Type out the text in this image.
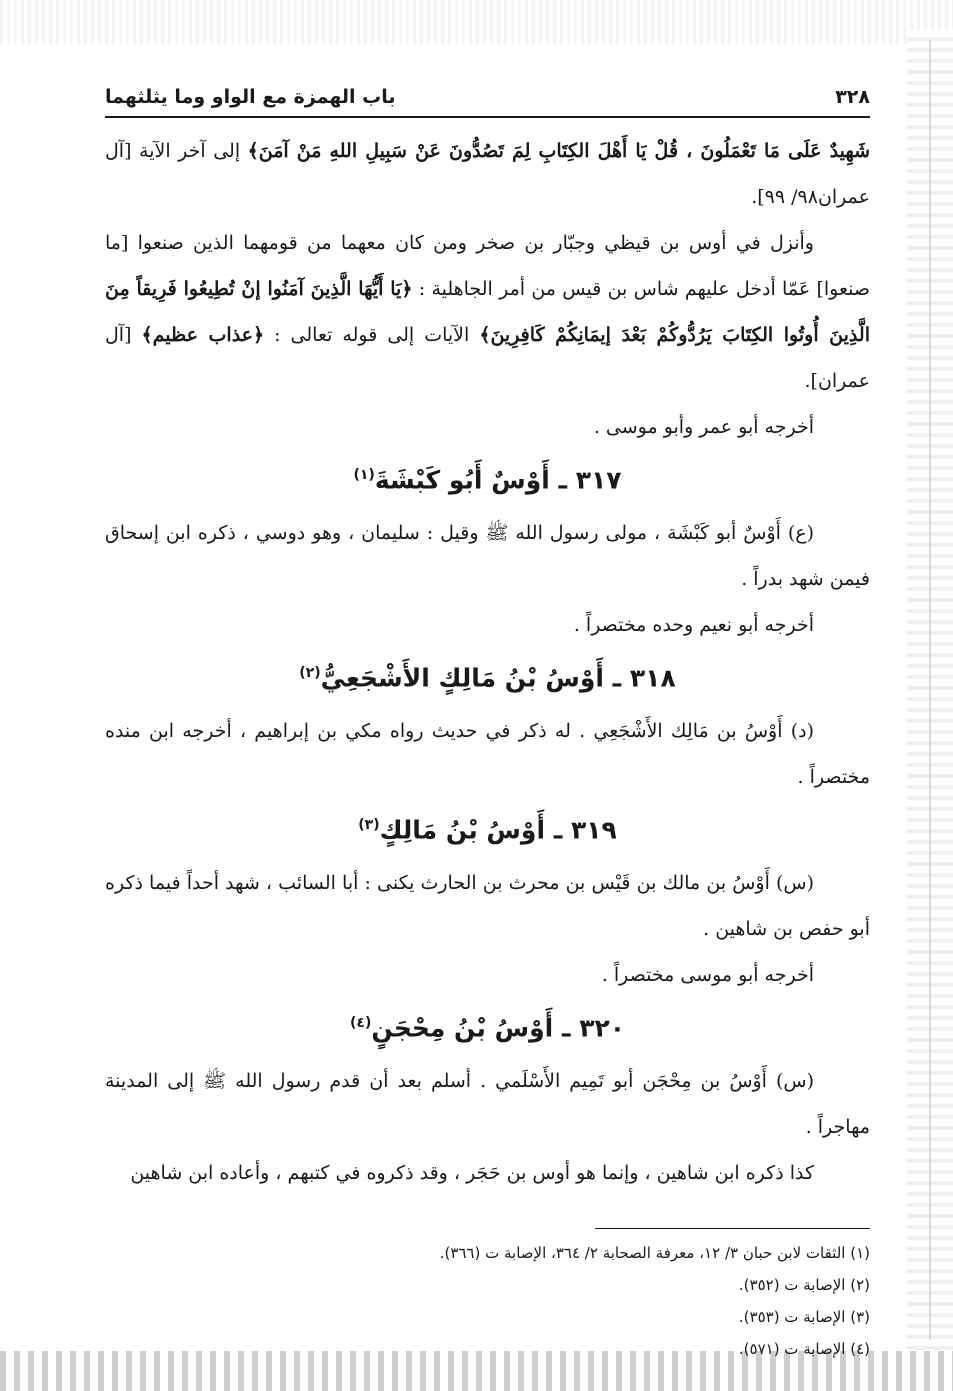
٣٢٨
باب الهمزة مع الواو وما يثلثهما

شَهِيدٌ عَلَى مَا تَعْمَلُونَ ، قُلْ يَا أَهْلَ الكِتَابِ لِمَ تَصُدُّونَ عَنْ سَبِيلِ اللهِ مَنْ آمَنَ﴾ إلى آخر الآية [آل عمران٩٨/ ٩٩].

وأنزل في أوس بن قيظي وجبّار بن صخر ومن كان معهما من قومهما الذين صنعوا [ما صنعوا] عَمّا أدخل عليهم شاس بن قيس من أمر الجاهلية : ﴿يَا أَيُّهَا الَّذِينَ آمَنُوا إنْ تُطِيعُوا فَرِيقاً مِنَ الَّذِينَ أُوتُوا الكِتَابَ يَرُدُّوكُمْ بَعْدَ إيمَانِكُمْ كَافِرِينَ﴾ الآيات إلى قوله تعالى : ﴿عذاب عظيم﴾ [آل عمران].

أخرجه أبو عمر وأبو موسى .

٣١٧ ـ أَوْسٌ أَبُو كَبْشَةَ$^{(١)}$

(ع) أَوْسٌ أبو كَبْشَة ، مولى رسول الله ﷺ وقيل : سليمان ، وهو دوسي ، ذكره ابن إسحاق فيمن شهد بدراً .

أخرجه أبو نعيم وحده مختصراً .

٣١٨ ـ أَوْسُ بْنُ مَالِكٍ الأَشْجَعِيُّ$^{(٢)}$

(د) أَوْسُ بن مَالِك الأَشْجَعِي . له ذكر في حديث رواه مكي بن إبراهيم ، أخرجه ابن منده مختصراً .

٣١٩ ـ أَوْسُ بْنُ مَالِكٍ$^{(٣)}$

(س) أَوْسُ بن مالك بن قَيْس بن محرث بن الحارث يكنى : أبا السائب ، شهد أحداً فيما ذكره أبو حفص بن شاهين .

أخرجه أبو موسى مختصراً .

٣٢٠ ـ أَوْسُ بْنُ مِحْجَنٍ$^{(٤)}$

(س) أَوْسُ بن مِحْجَن أبو تَمِيم الأَسْلَمي . أسلم بعد أن قدم رسول الله ﷺ إلى المدينة مهاجراً .

كذا ذكره ابن شاهين ، وإنما هو أوس بن حَجَر ، وقد ذكروه في كتبهم ، وأعاده ابن شاهين

(١) الثقات لابن حبان ٣/ ١٢، معرفة الصحابة ٢/ ٣٦٤، الإصابة ت (٣٦٦).

(٢) الإصابة ت (٣٥٢).

(٣) الإصابة ت (٣٥٣).

(٤) الإصابة ت (٥٧١).
